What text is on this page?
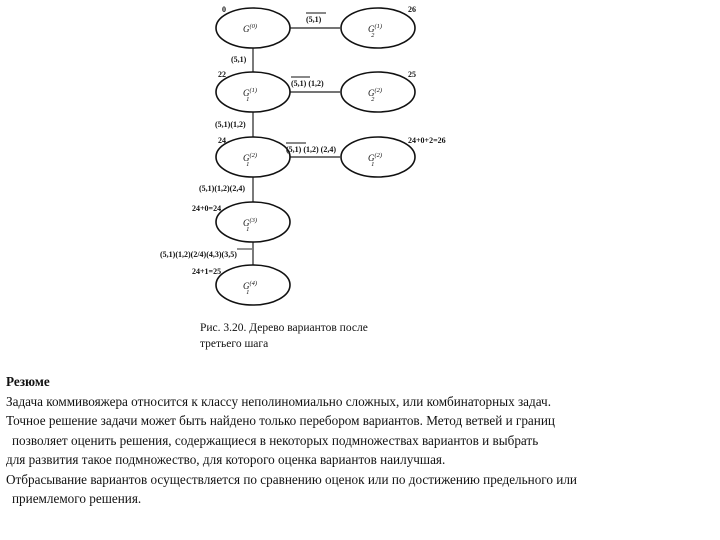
$G^{(0)}$	$G^{(1)}$ 2
$G^{(1)}$ 1
$G^{(2)}$ 2
$G^{(2)}$ 1
$G^{(2)}$ 1
$G^{(3)}$ 1
$G^{(4)}$ 1
0	26
22	25
24	24+0+2=26
24+0=24
24+1=25
(5,1)
(5,1)
(5,1) (1,2)
(5,1)(1,2)
(5,1) (1,2) (2,4)
(5,1)(1,2)(2,4)
(5,1)(1,2)(2/4)(4,3)(3,5)
Рис. 3.20. Дерево вариантов после
третьего шага
Резюме
Задача коммивояжера относится к классу неполиномиально сложных, или комбинаторных задач.
Точное решение задачи может быть найдено только перебором вариантов. Метод ветвей и границ
позволяет оценить решения, содержащиеся в некоторых подмножествах вариантов и выбрать
для развития такое подмножество, для которого оценка вариантов наилучшая.
Отбрасывание вариантов осуществляется по сравнению оценок или по достижению предельного или
приемлемого решения.
